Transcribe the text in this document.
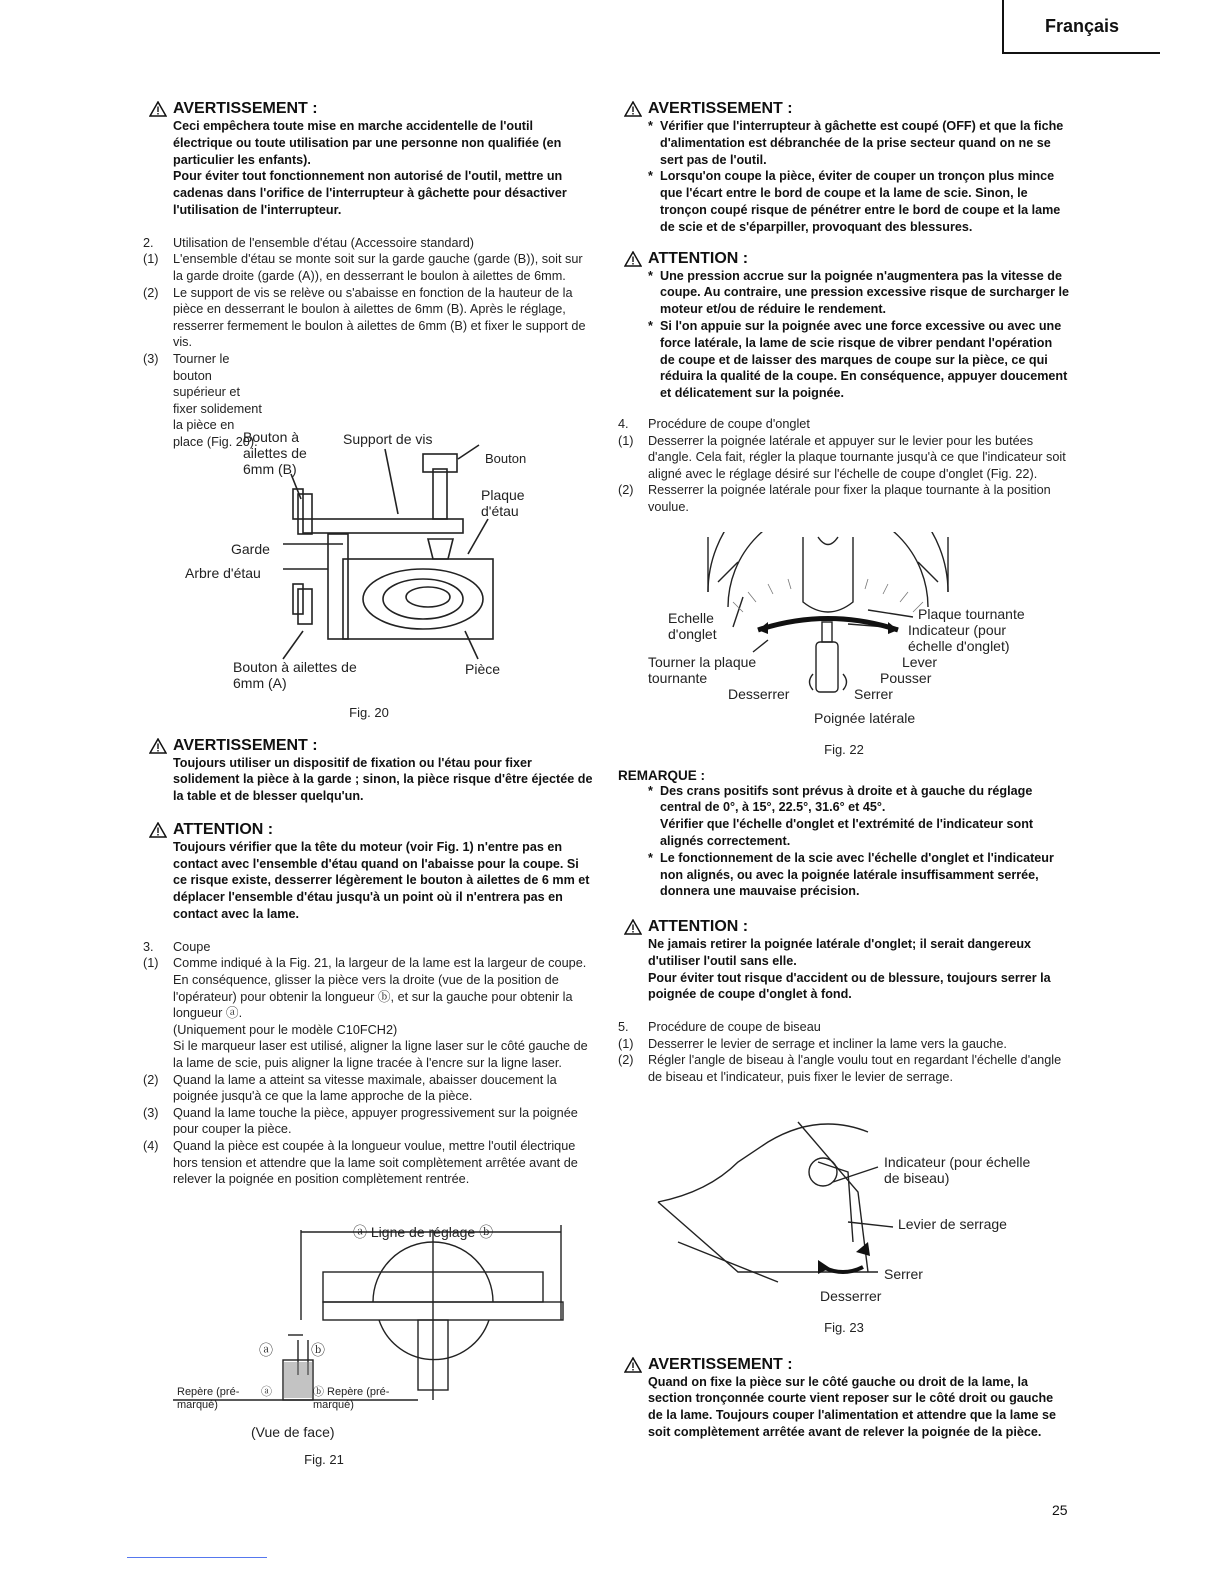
Français
AVERTISSEMENT :

Ceci empêchera toute mise en marche accidentelle de l'outil électrique ou toute utilisation par une personne non qualifiée (en particulier les enfants).

Pour éviter tout fonctionnement non autorisé de l'outil, mettre un cadenas dans l'orifice de l'interrupteur à gâchette pour désactiver l'utilisation de l'interrupteur.

2.	Utilisation de l'ensemble d'étau (Accessoire standard)
(1)	L'ensemble d'étau se monte soit sur la garde gauche (garde (B)), soit sur la garde droite (garde (A)), en desserrant le boulon à ailettes de 6mm.
(2)	Le support de vis se relève ou s'abaisse en fonction de la hauteur de la pièce en desserrant le boulon à ailettes de 6mm (B). Après le réglage, resserrer fermement le boulon à ailettes de 6mm (B) et fixer le support de vis.
(3)	Tourner le bouton supérieur et fixer solidement la pièce en place (Fig. 20).
Bouton à ailettes de 6mm (B)
Support de vis
Bouton
Plaque d'étau
Garde
Arbre d'étau
Bouton à ailettes de 6mm (A)
Pièce
Fig. 20
AVERTISSEMENT :

Toujours utiliser un dispositif de fixation ou l'étau pour fixer solidement la pièce à la garde ; sinon, la pièce risque d'être éjectée de la table et de blesser quelqu'un.

ATTENTION :

Toujours vérifier que la tête du moteur (voir Fig. 1) n'entre pas en contact avec l'ensemble d'étau quand on l'abaisse pour la coupe. Si ce risque existe, desserrer légèrement le bouton à ailettes de 6 mm et déplacer l'ensemble d'étau jusqu'à un point où il n'entrera pas en contact avec la lame.

3.	Coupe
(1)	Comme indiqué à la Fig. 21, la largeur de la lame est la largeur de coupe. En conséquence, glisser la pièce vers la droite (vue de la position de l'opérateur) pour obtenir la longueur ⓑ, et sur la gauche pour obtenir la longueur ⓐ.
(Uniquement pour le modèle C10FCH2)
Si le marqueur laser est utilisé, aligner la ligne laser sur le côté gauche de la lame de scie, puis aligner la ligne tracée à l'encre sur la ligne laser.
(2)	Quand la lame a atteint sa vitesse maximale, abaisser doucement la poignée jusqu'à ce que la lame approche de la pièce.
(3)	Quand la lame touche la pièce, appuyer progressivement sur la poignée pour couper la pièce.
(4)	Quand la pièce est coupée à la longueur voulue, mettre l'outil électrique hors tension et attendre que la lame soit complètement arrêtée avant de relever la poignée en position complètement rentrée.
ⓐ Ligne de réglage ⓑ
ⓐ	ⓑ
Repère (pré-marqué)
ⓐ	ⓑ Repère (pré-marqué)
(Vue de face)
Fig. 21
AVERTISSEMENT :
* Vérifier que l'interrupteur à gâchette est coupé (OFF) et que la fiche d'alimentation est débranchée de la prise secteur quand on ne se sert pas de l'outil.
* Lorsqu'on coupe la pièce, éviter de couper un tronçon plus mince que l'écart entre le bord de coupe et la lame de scie. Sinon, le tronçon coupé risque de pénétrer entre le bord de coupe et la lame de scie et de s'éparpiller, provoquant des blessures.
ATTENTION :
* Une pression accrue sur la poignée n'augmentera pas la vitesse de coupe. Au contraire, une pression excessive risque de surcharger le moteur et/ou de réduire le rendement.
* Si l'on appuie sur la poignée avec une force excessive ou avec une force latérale, la lame de scie risque de vibrer pendant l'opération de coupe et de laisser des marques de coupe sur la pièce, ce qui réduira la qualité de la coupe. En conséquence, appuyer doucement et délicatement sur la poignée.
4.	Procédure de coupe d'onglet
(1)	Desserrer la poignée latérale et appuyer sur le levier pour les butées d'angle. Cela fait, régler la plaque tournante jusqu'à ce que l'indicateur soit aligné avec le réglage désiré sur l'échelle de coupe d'onglet (Fig. 22).
(2)	Resserrer la poignée latérale pour fixer la plaque tournante à la position voulue.
Echelle d'onglet
Plaque tournante
Indicateur (pour échelle d'onglet)
Lever
Tourner la plaque tournante	Pousser
Desserrer	Serrer
Poignée latérale
Fig. 22
REMARQUE :
* Des crans positifs sont prévus à droite et à gauche du réglage central de 0°, à 15°, 22.5°, 31.6° et 45°.
Vérifier que l'échelle d'onglet et l'extrémité de l'indicateur sont alignés correctement.
* Le fonctionnement de la scie avec l'échelle d'onglet et l'indicateur non alignés, ou avec la poignée latérale insuffisamment serrée, donnera une mauvaise précision.
ATTENTION :

Ne jamais retirer la poignée latérale d'onglet; il serait dangereux d'utiliser l'outil sans elle.

Pour éviter tout risque d'accident ou de blessure, toujours serrer la poignée de coupe d'onglet à fond.

5.	Procédure de coupe de biseau
(1)	Desserrer le levier de serrage et incliner la lame vers la gauche.
(2)	Régler l'angle de biseau à l'angle voulu tout en regardant l'échelle d'angle de biseau et l'indicateur, puis fixer le levier de serrage.
Indicateur (pour échelle de biseau)
Levier de serrage
Serrer
Desserrer
Fig. 23
AVERTISSEMENT :

Quand on fixe la pièce sur le côté gauche ou droit de la lame, la section tronçonnée courte vient reposer sur le côté droit ou gauche de la lame. Toujours couper l'alimentation et attendre que la lame se soit complètement arrêtée avant de relever la poignée de la pièce.

25
